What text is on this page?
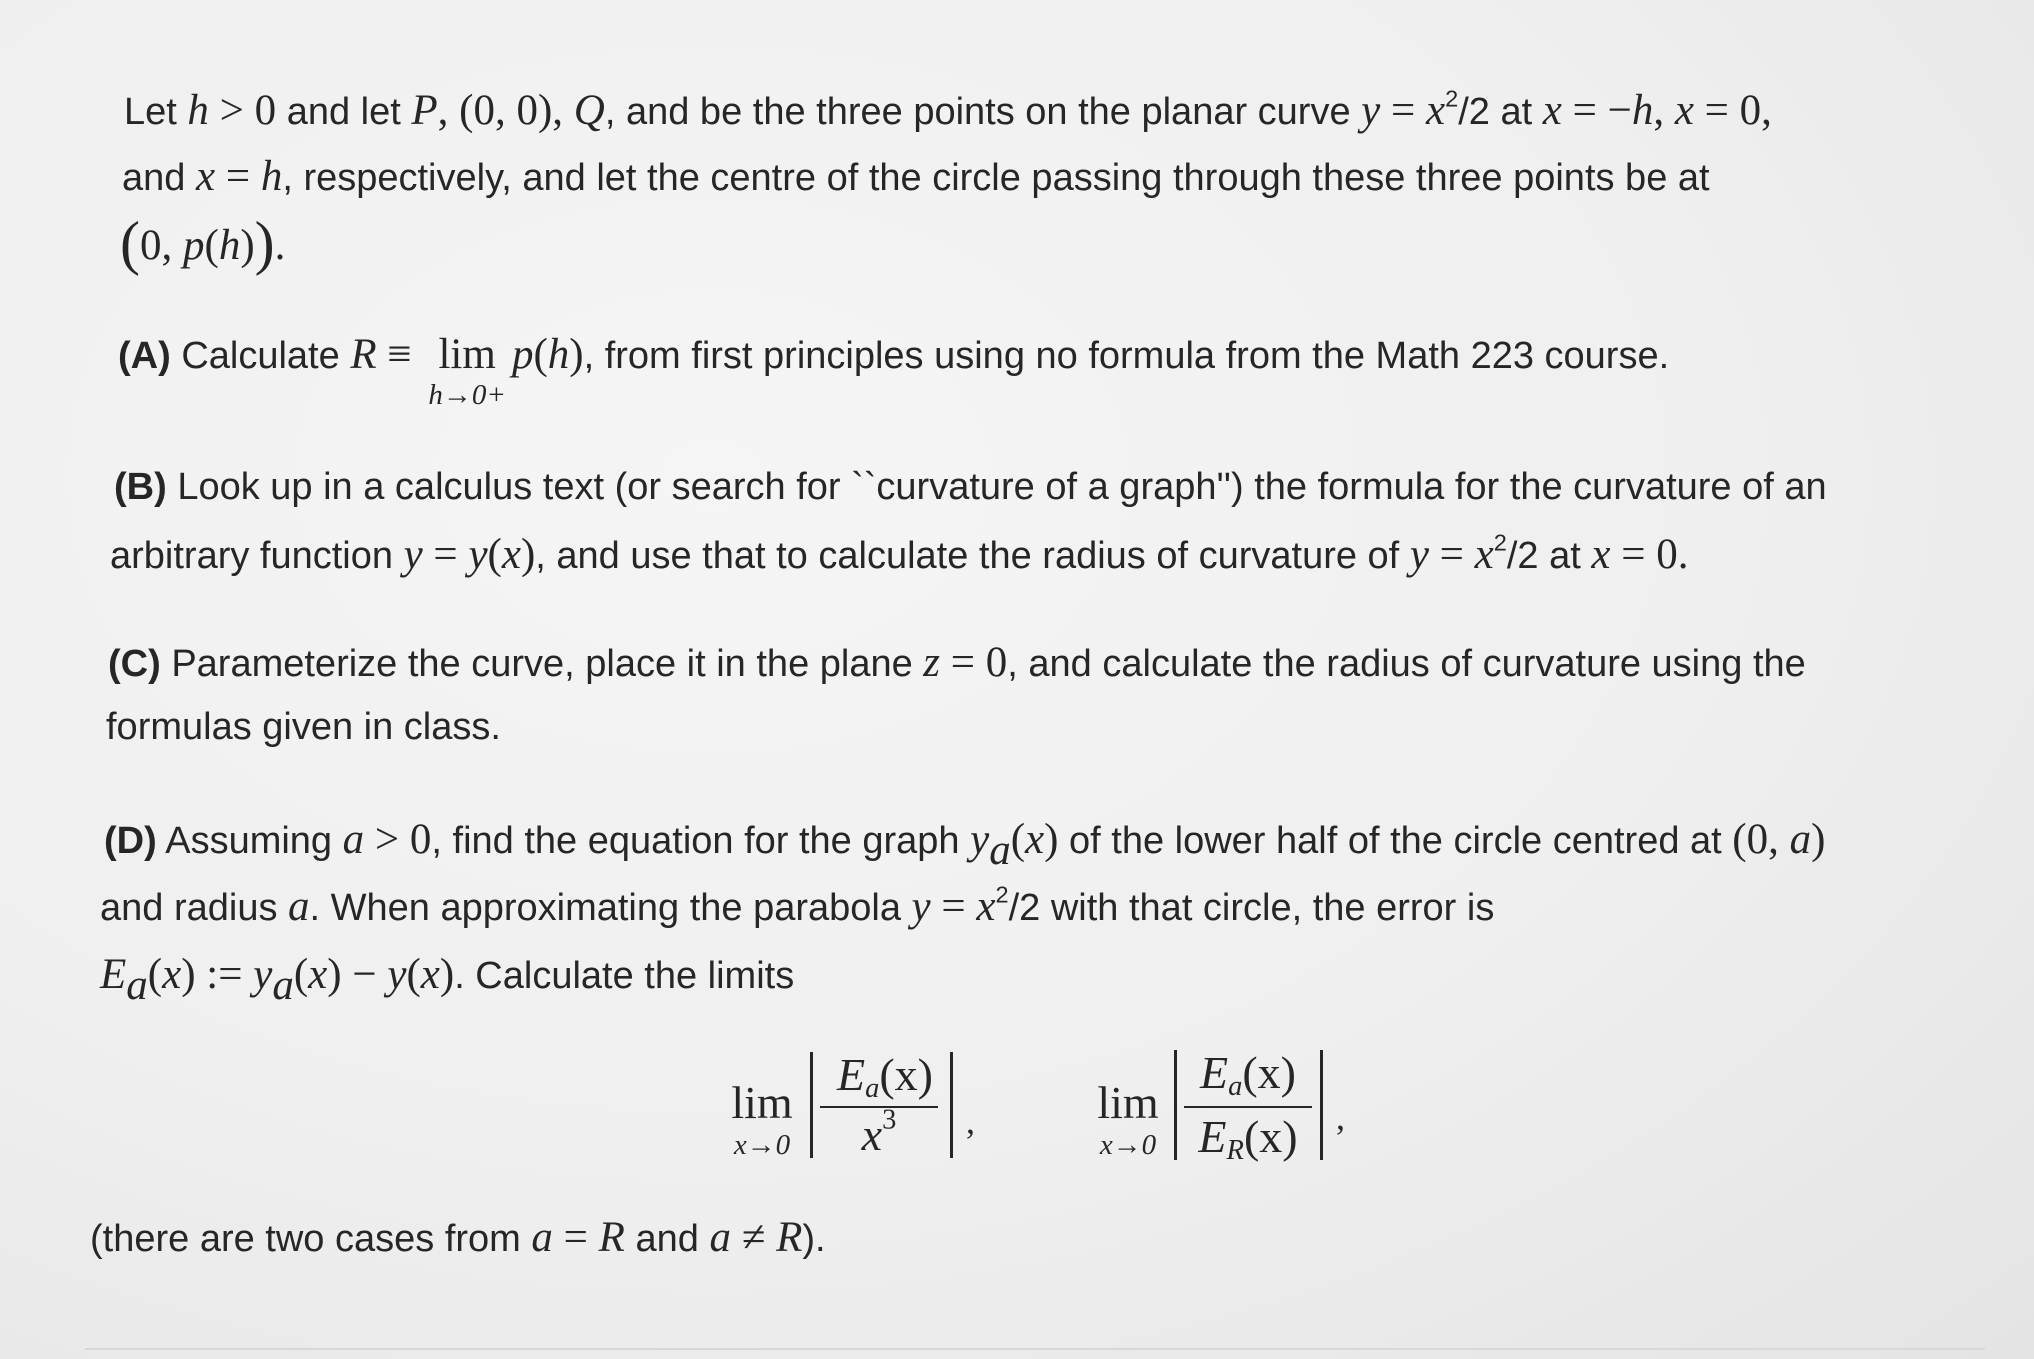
Let h > 0 and let P, (0, 0), Q, and be the three points on the planar curve $y = x^2/2$ at x = −h, x = 0,
and x = h, respectively, and let the centre of the circle passing through these three points be at
(0, p(h)).
(A) Calculate R ≡ lim
h→0+
p(h), from first principles using no formula from the Math 223 course.
(B) Look up in a calculus text (or search for ``curvature of a graph'') the formula for the curvature of an
arbitrary function y = y(x), and use that to calculate the radius of curvature of $y = x^2/2$ at x = 0.
(C) Parameterize the curve, place it in the plane z = 0, and calculate the radius of curvature using the
formulas given in class.
(D) Assuming a > 0, find the equation for the graph $y_a(x)$ of the lower half of the circle centred at (0, a)
and radius a. When approximating the parabola $y = x^2/2$ with that circle, the error is
$E_a(x)$ := $y_a(x) - y(x)$. Calculate the limits
lim
x→0
$E_a(x)$
$x^3$	,	lim
x→0
$E_a(x)$
$E_R(x)$	,
(there are two cases from a = R and a ≠ R).
